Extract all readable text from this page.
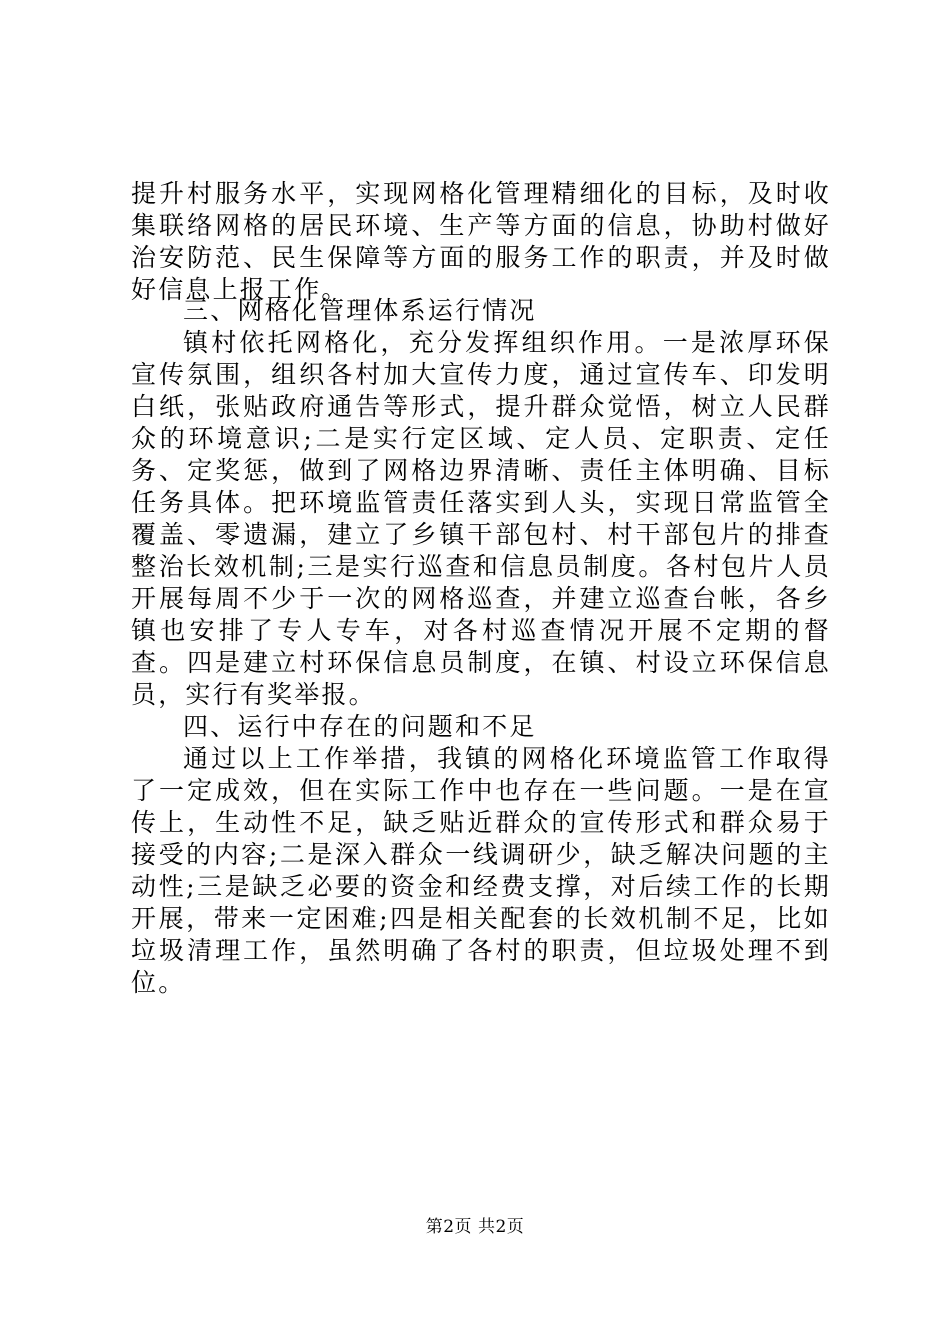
提升村服务水平，实现网格化管理精细化的目标，及时收集联络网格的居民环境、生产等方面的信息，协助村做好治安防范、民生保障等方面的服务工作的职责，并及时做好信息上报工作。

三、网格化管理体系运行情况

镇村依托网格化，充分发挥组织作用。一是浓厚环保宣传氛围，组织各村加大宣传力度，通过宣传车、印发明白纸，张贴政府通告等形式，提升群众觉悟，树立人民群众的环境意识;二是实行定区域、定人员、定职责、定任务、定奖惩，做到了网格边界清晰、责任主体明确、目标任务具体。把环境监管责任落实到人头，实现日常监管全覆盖、零遗漏，建立了乡镇干部包村、村干部包片的排查整治长效机制;三是实行巡查和信息员制度。各村包片人员开展每周不少于一次的网格巡查，并建立巡查台帐，各乡镇也安排了专人专车，对各村巡查情况开展不定期的督查。四是建立村环保信息员制度，在镇、村设立环保信息员，实行有奖举报。

四、运行中存在的问题和不足

通过以上工作举措，我镇的网格化环境监管工作取得了一定成效，但在实际工作中也存在一些问题。一是在宣传上，生动性不足，缺乏贴近群众的宣传形式和群众易于接受的内容;二是深入群众一线调研少，缺乏解决问题的主动性;三是缺乏必要的资金和经费支撑，对后续工作的长期开展，带来一定困难;四是相关配套的长效机制不足，比如垃圾清理工作，虽然明确了各村的职责，但垃圾处理不到位。

第2页 共2页
